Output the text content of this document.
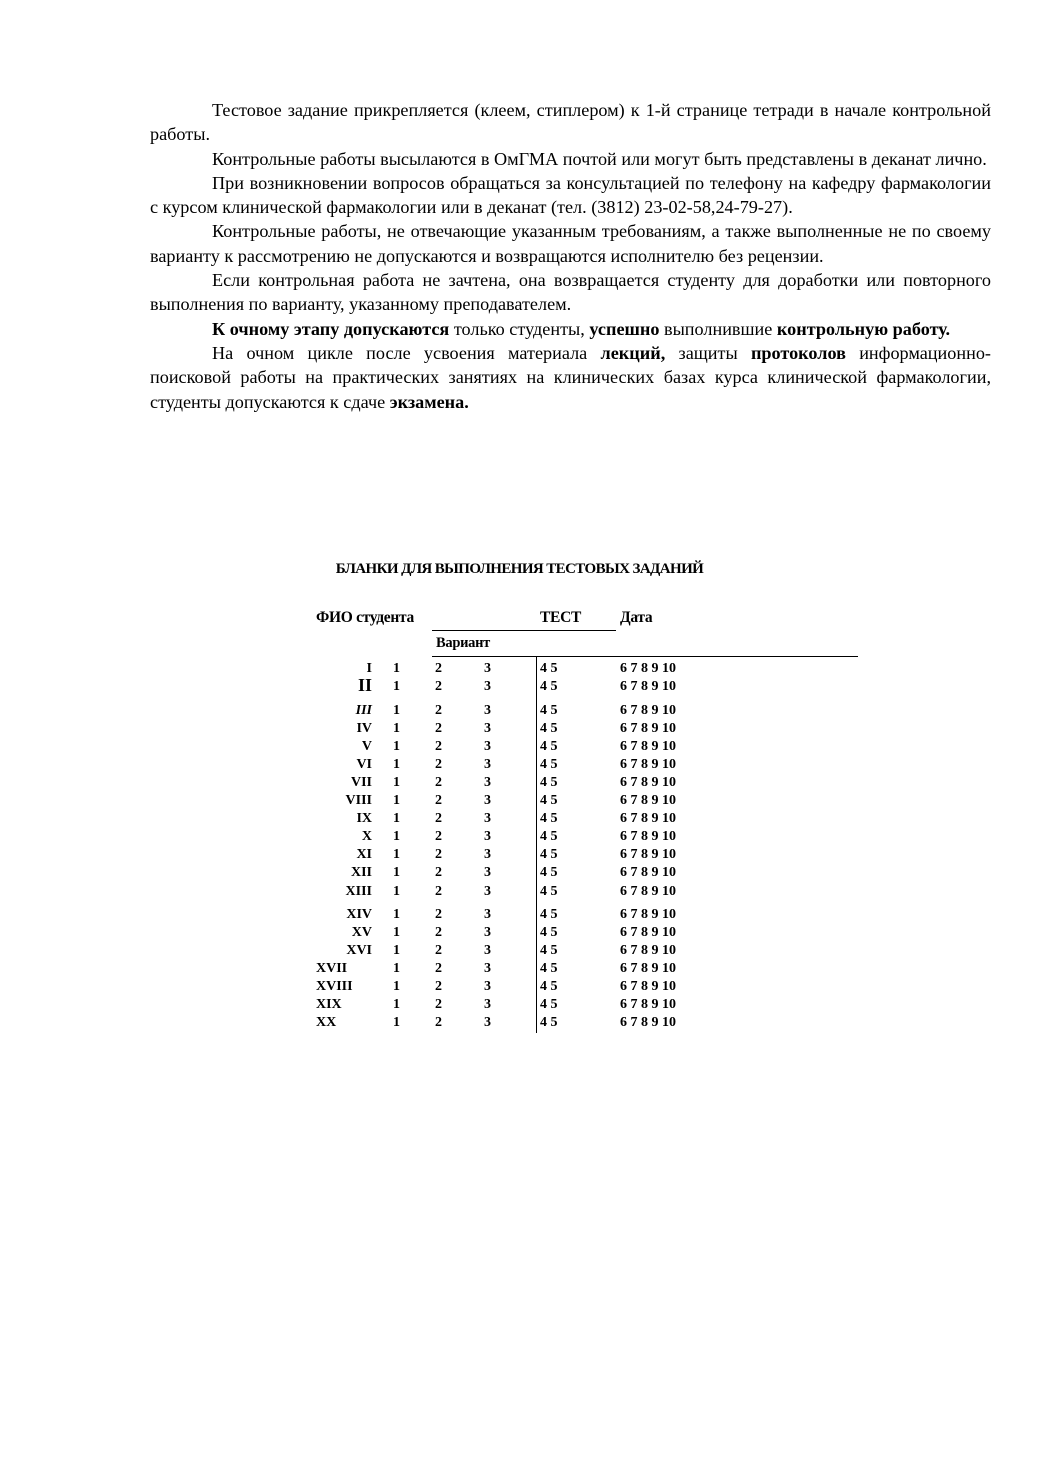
Тестовое задание прикрепляется (клеем, стиплером) к 1-й странице тетради в начале контрольной работы.

Контрольные работы высылаются в ОмГМА почтой или могут быть представлены в деканат лично.

При возникновении вопросов обращаться за консультацией по телефону на кафедру фармакологии с курсом клинической фармакологии или в деканат (тел. (3812) 23-02-58,24-79-27).

Контрольные работы, не отвечающие указанным требованиям, а также выполненные не по своему варианту к рассмотрению не допускаются и возвращаются исполнителю без рецензии.

Если контрольная работа не зачтена, она возвращается студенту для доработки или повторного выполнения по варианту, указанному преподавателем.

К очному этапу допускаются только студенты, успешно выполнившие контрольную работу.

На очном цикле после усвоения материала лекций, защиты протоколов информационно-поисковой работы на практических занятиях на клинических базах курса клинической фармакологии, студенты допускаются к сдаче экзамена.

БЛАНКИ ДЛЯ ВЫПОЛНЕНИЯ ТЕСТОВЫХ ЗАДАНИЙ
ФИО студента	ТЕСТ	Дата
Вариант
I 1	2	3	4 5	6 7 8 9 10
II 1	2	3	4 5	6 7 8 9 10
III 1	2	3	4 5	6 7 8 9 10
IV 1	2	3	4 5	6 7 8 9 10
V 1	2	3	4 5	6 7 8 9 10
VI 1	2	3	4 5	6 7 8 9 10
VII 1	2	3	4 5	6 7 8 9 10
VIII 1	2	3	4 5	6 7 8 9 10
IX 1	2	3	4 5	6 7 8 9 10
X 1	2	3	4 5	6 7 8 9 10
XI 1	2	3	4 5	6 7 8 9 10
XII 1	2	3	4 5	6 7 8 9 10
XIII 1	2	3	4 5	6 7 8 9 10
XIV 1	2	3	4 5	6 7 8 9 10
XV 1	2	3	4 5	6 7 8 9 10
XVI 1	2	3	4 5	6 7 8 9 10
XVII	1	2	3	4 5	6 7 8 9 10
XVIII	1	2	3	4 5	6 7 8 9 10
XIX	1	2	3	4 5	6 7 8 9 10
XX	1	2	3	4 5	6 7 8 9 10
